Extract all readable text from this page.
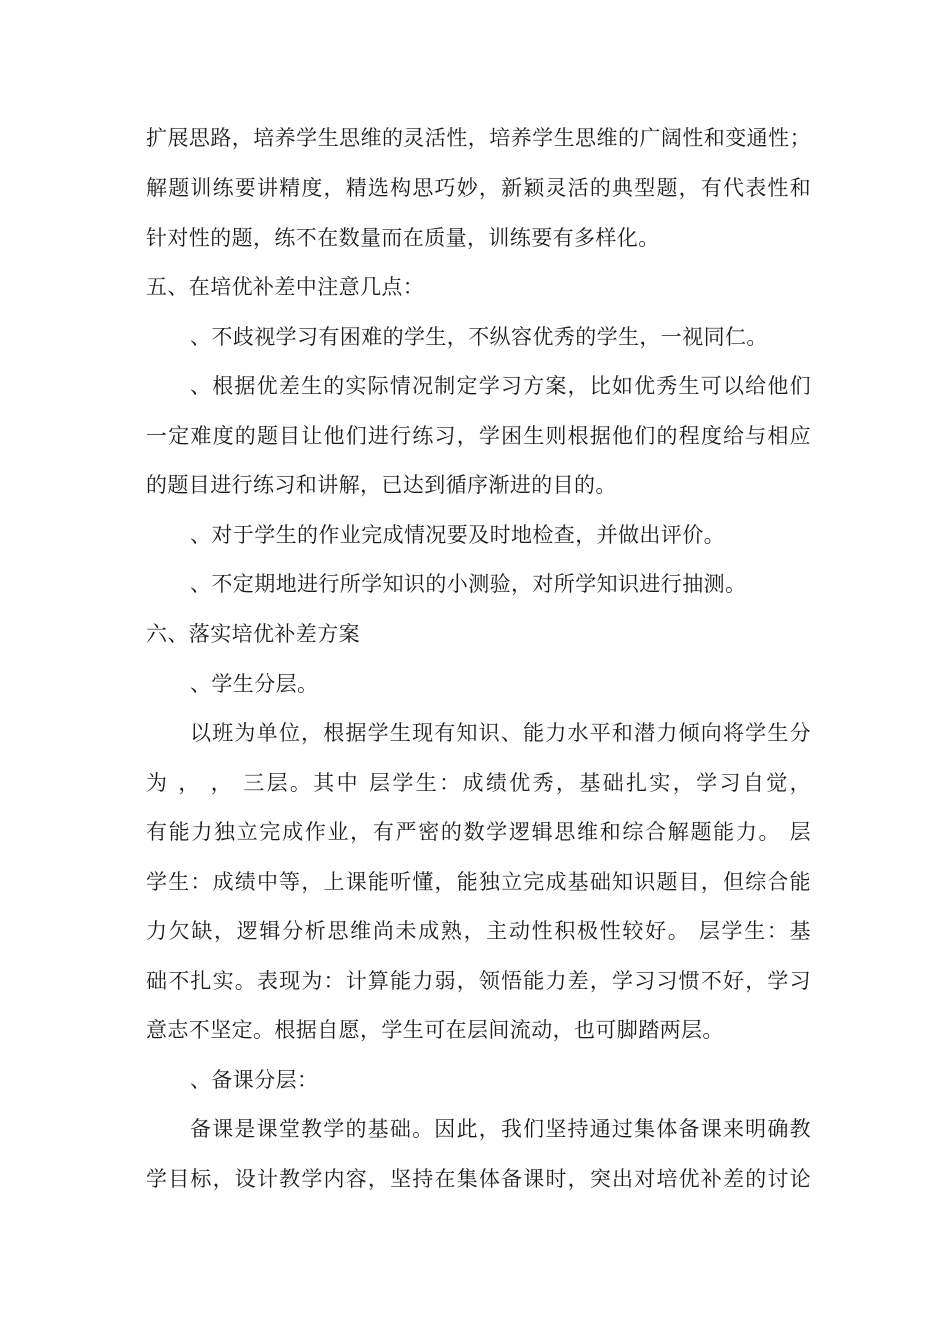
扩展思路，培养学生思维的灵活性，培养学生思维的广阔性和变通性；
解题训练要讲精度，精选构思巧妙，新颖灵活的典型题，有代表性和
针对性的题，练不在数量而在质量，训练要有多样化。
五、在培优补差中注意几点：
、不歧视学习有困难的学生，不纵容优秀的学生，一视同仁。
、根据优差生的实际情况制定学习方案，比如优秀生可以给他们
一定难度的题目让他们进行练习，学困生则根据他们的程度给与相应
的题目进行练习和讲解，已达到循序渐进的目的。
、对于学生的作业完成情况要及时地检查，并做出评价。
、不定期地进行所学知识的小测验，对所学知识进行抽测。
六、落实培优补差方案
、学生分层。
以班为单位，根据学生现有知识、能力水平和潜力倾向将学生分
为 ， ， 三层。其中 层学生：成绩优秀，基础扎实，学习自觉，
有能力独立完成作业，有严密的数学逻辑思维和综合解题能力。 层
学生：成绩中等，上课能听懂，能独立完成基础知识题目，但综合能
力欠缺，逻辑分析思维尚未成熟，主动性积极性较好。 层学生：基
础不扎实。表现为：计算能力弱，领悟能力差，学习习惯不好，学习
意志不坚定。根据自愿，学生可在层间流动，也可脚踏两层。
、备课分层：
备课是课堂教学的基础。因此，我们坚持通过集体备课来明确教
学目标，设计教学内容，坚持在集体备课时，突出对培优补差的讨论
